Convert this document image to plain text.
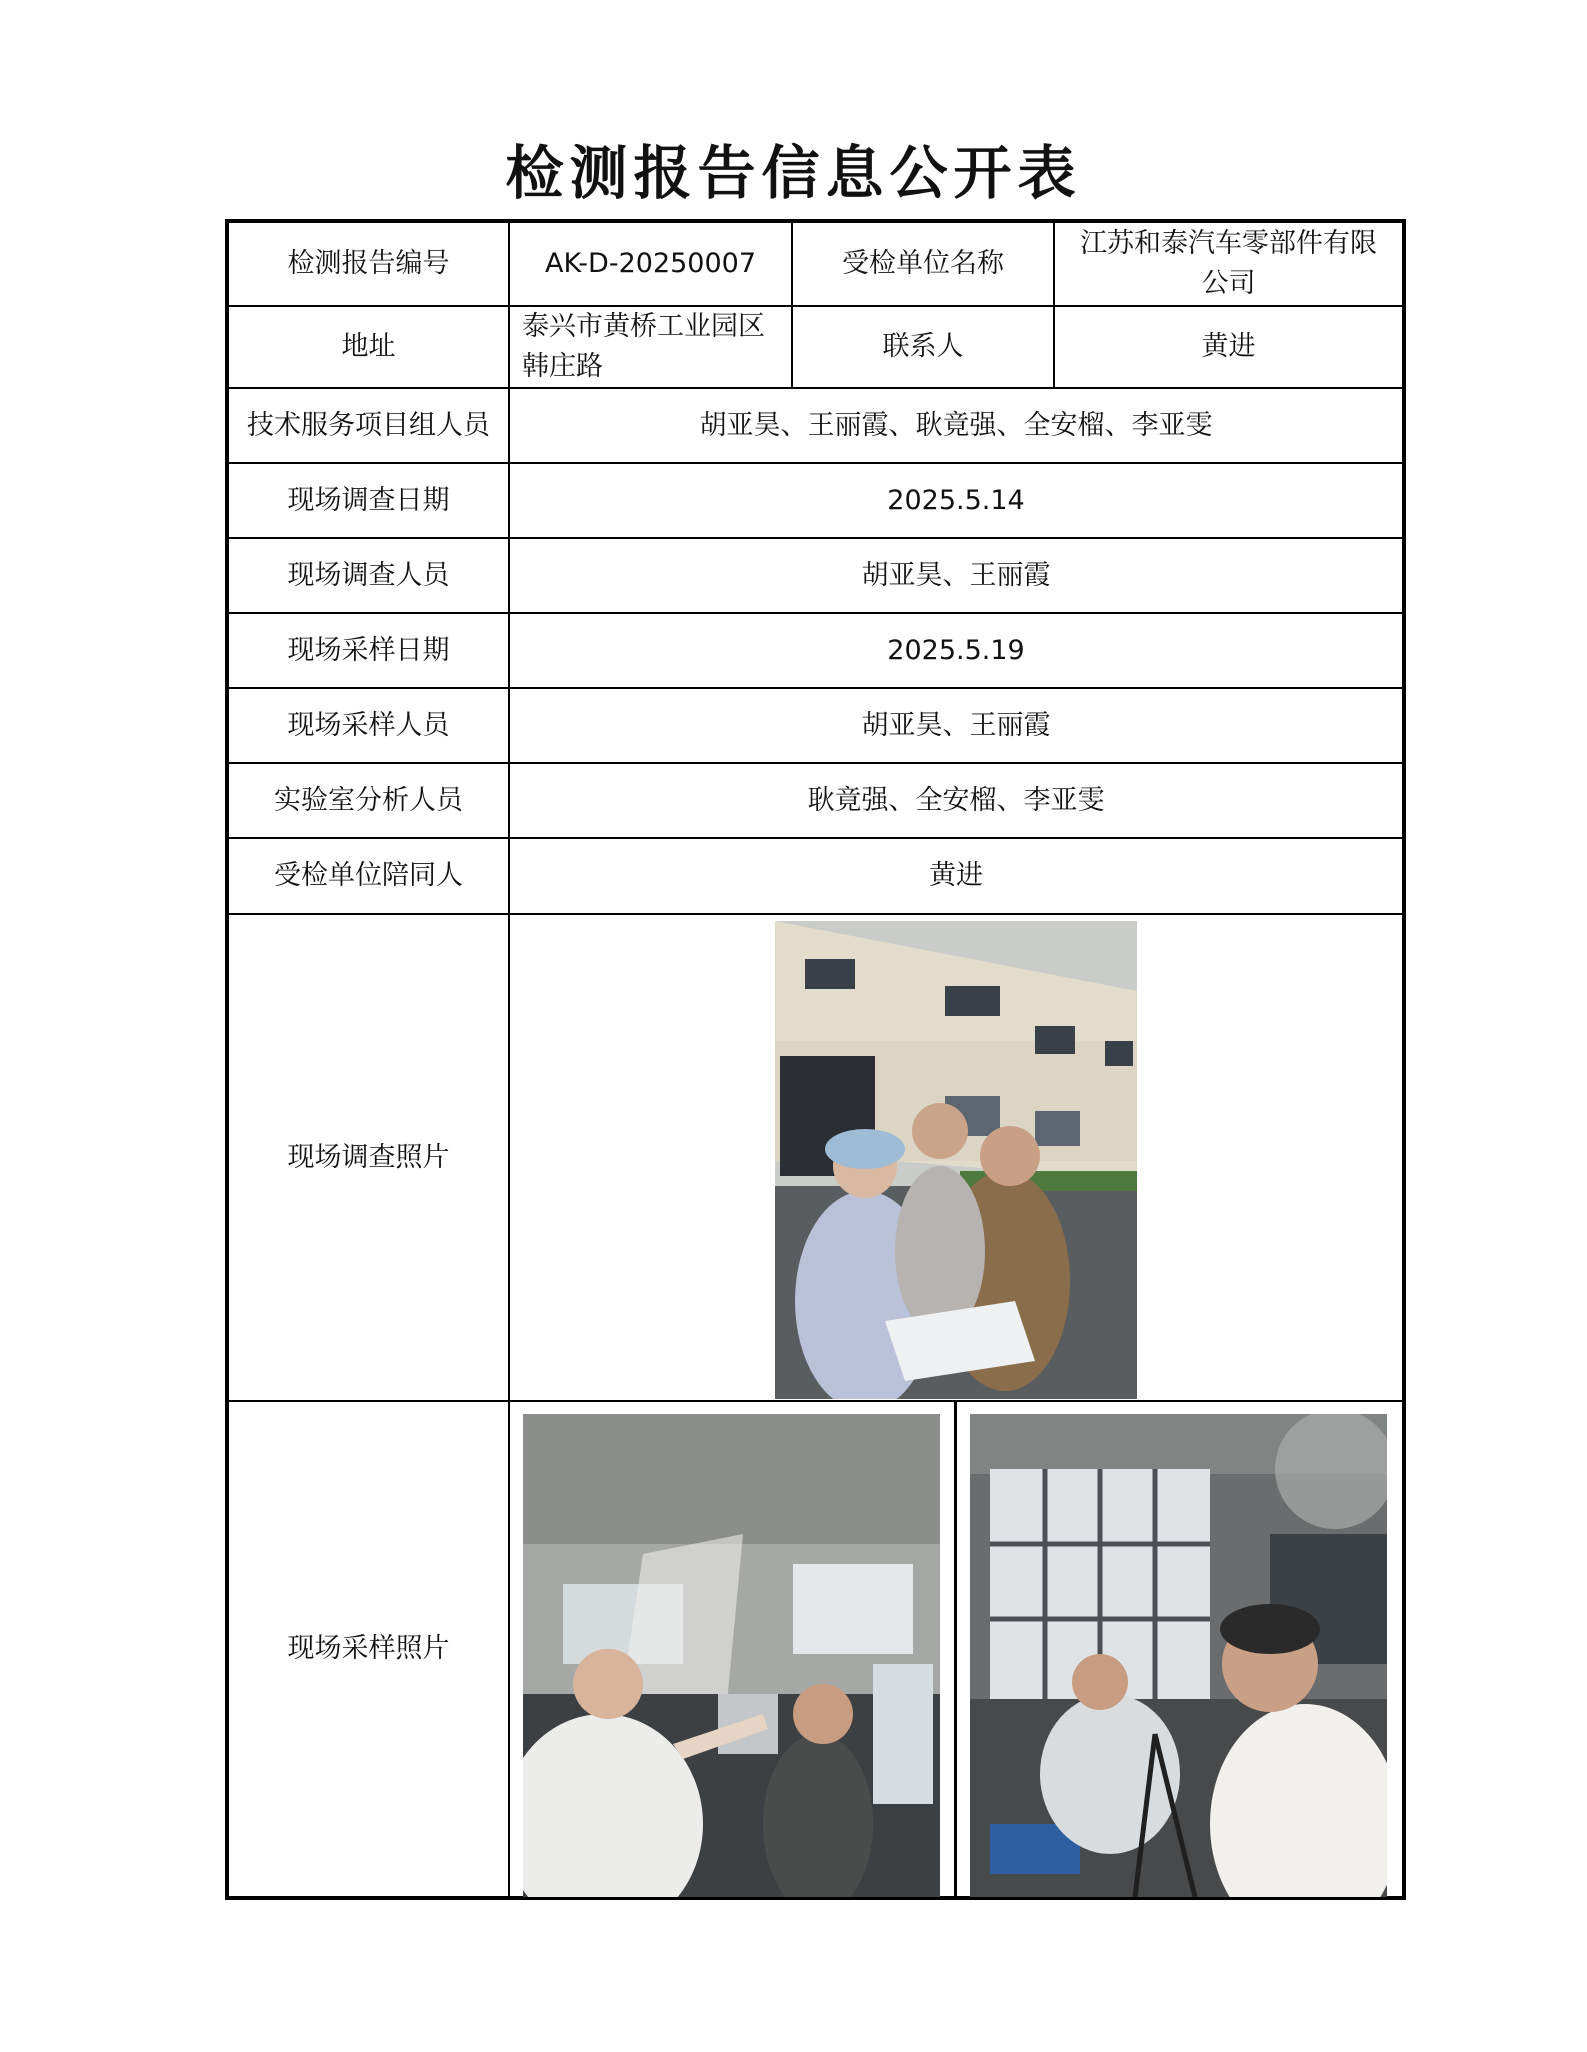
检测报告信息公开表
检测报告编号	AK-D-20250007	受检单位名称	江苏和泰汽车零部件有限公司
地址	泰兴市黄桥工业园区韩庄路	联系人	黄进
技术服务项目组人员	胡亚昊、王丽霞、耿竟强、全安榴、李亚雯		
现场调查日期	2025.5.14		
现场调查人员	胡亚昊、王丽霞		
现场采样日期	2025.5.19		
现场采样人员	胡亚昊、王丽霞		
实验室分析人员	耿竟强、全安榴、李亚雯		
受检单位陪同人	黄进		
现场调查照片	

现场采样照片	
